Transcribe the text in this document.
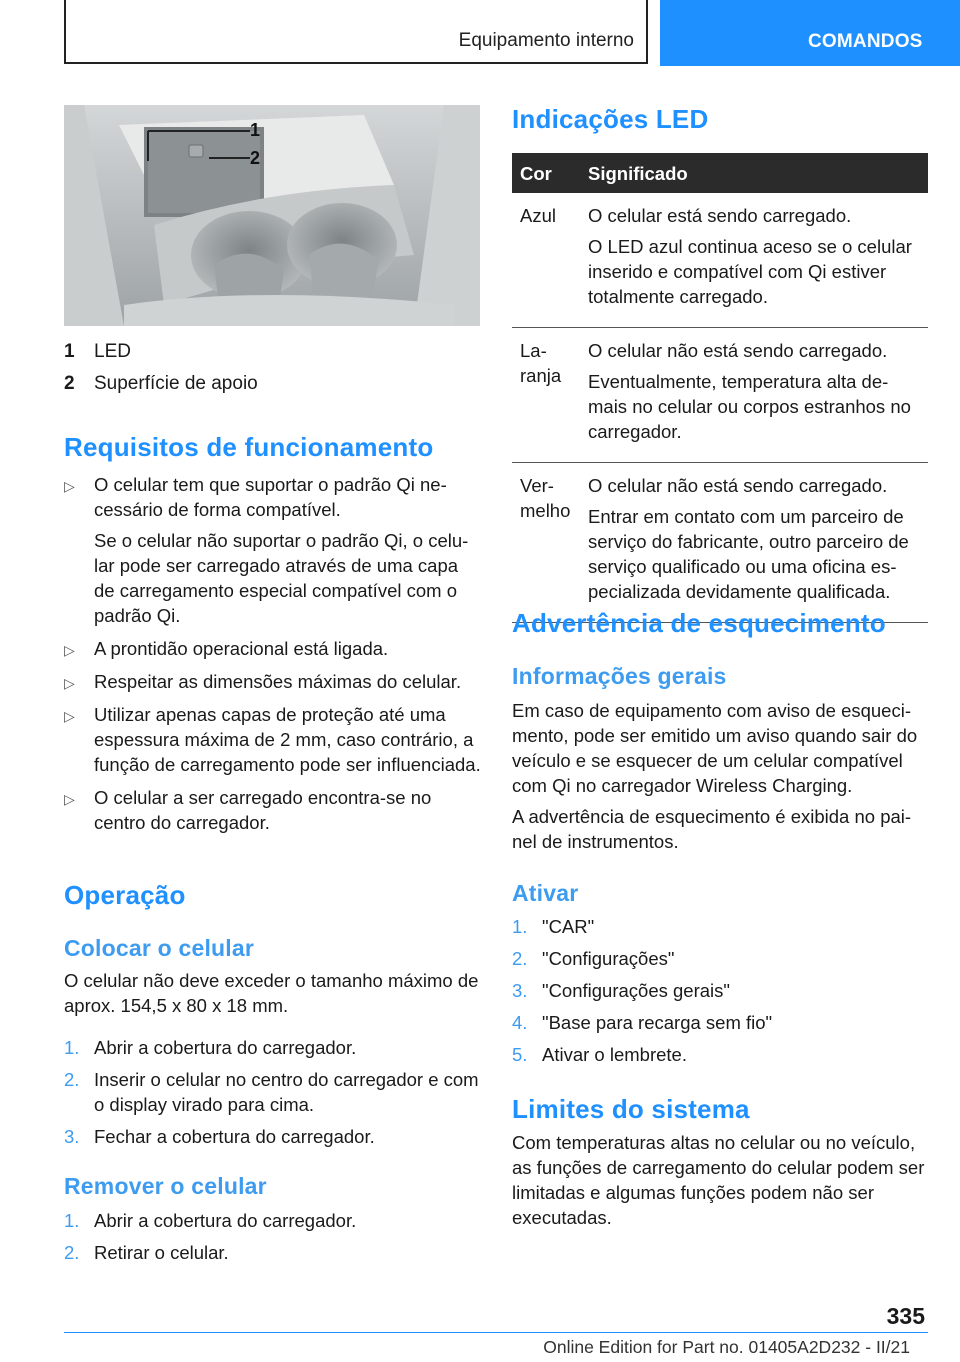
Equipamento interno	COMANDOS
1
2
1	LED
2	Superfície de apoio
Requisitos de funcionamento
▷ O celular tem que suportar o padrão Qi necessário de forma compatível.

Se o celular não suportar o padrão Qi, o celular pode ser carregado através de uma capa de carregamento especial compatível com o padrão Qi.

▷ A prontidão operacional está ligada.

▷ Respeitar as dimensões máximas do celular.

▷ Utilizar apenas capas de proteção até uma espessura máxima de 2 mm, caso contrário, a função de carregamento pode ser influenciada.

▷ O celular a ser carregado encontra-se no centro do carregador.

Operação
Colocar o celular

O celular não deve exceder o tamanho máximo de aprox. 154,5 x 80 x 18 mm.

1. Abrir a cobertura do carregador.
2. Inserir o celular no centro do carregador e com o display virado para cima.
3. Fechar a cobertura do carregador.
Remover o celular
1. Abrir a cobertura do carregador.
2. Retirar o celular.
Indicações LED
Cor	Significado
Azul	O celular está sendo carregado.

O LED azul continua aceso se o celular inserido e compatível com Qi estiver totalmente carregado.

Laranja	O celular não está sendo carregado.

Eventualmente, temperatura alta demais no celular ou corpos estranhos no carregador.

Vermelho	O celular não está sendo carregado.

Entrar em contato com um parceiro de serviço do fabricante, outro parceiro de serviço qualificado ou uma oficina especializada devidamente qualificada.

Advertência de esquecimento
Informações gerais

Em caso de equipamento com aviso de esquecimento, pode ser emitido um aviso quando sair do veículo e se esquecer de um celular compatível com Qi no carregador Wireless Charging.

A advertência de esquecimento é exibida no painel de instrumentos.

Ativar
1. "CAR"
2. "Configurações"
3. "Configurações gerais"
4. "Base para recarga sem fio"
5. Ativar o lembrete.
Limites do sistema

Com temperaturas altas no celular ou no veículo, as funções de carregamento do celular podem ser limitadas e algumas funções podem não ser executadas.

335
Online Edition for Part no. 01405A2D232 - II/21
